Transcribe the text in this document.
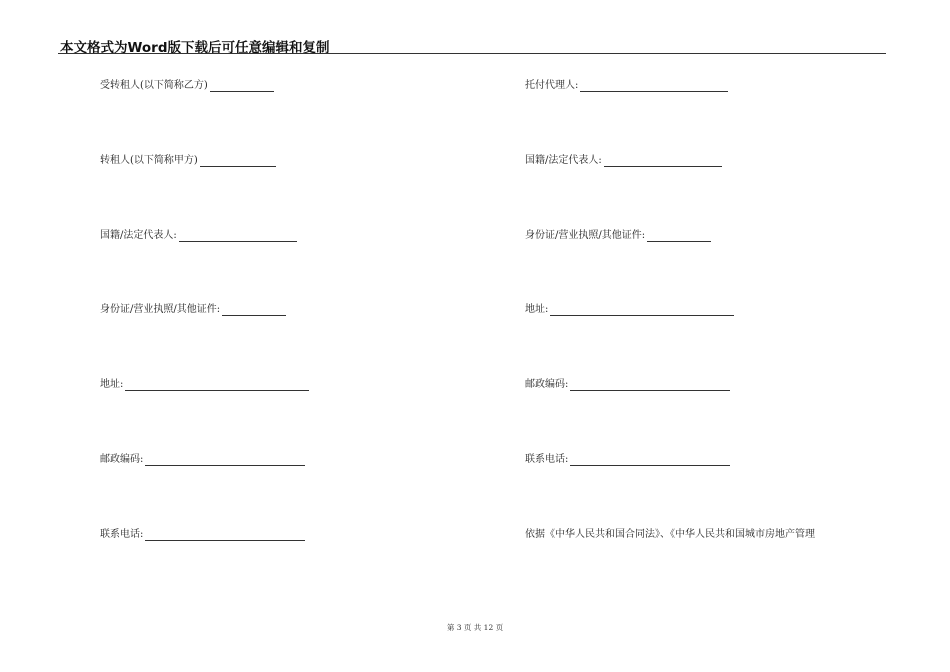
本文格式为Word版下载后可任意编辑和复制
受转租人(以下简称乙方)
转租人(以下简称甲方)
国籍/法定代表人:
身份证/营业执照/其他证件:
地址:
邮政编码:
联系电话:
托付代理人:
国籍/法定代表人:
身份证/营业执照/其他证件:
地址:
邮政编码:
联系电话:
依据《中华人民共和国合同法》、《中华人民共和国城市房地产管理
第 3 页 共 12 页
